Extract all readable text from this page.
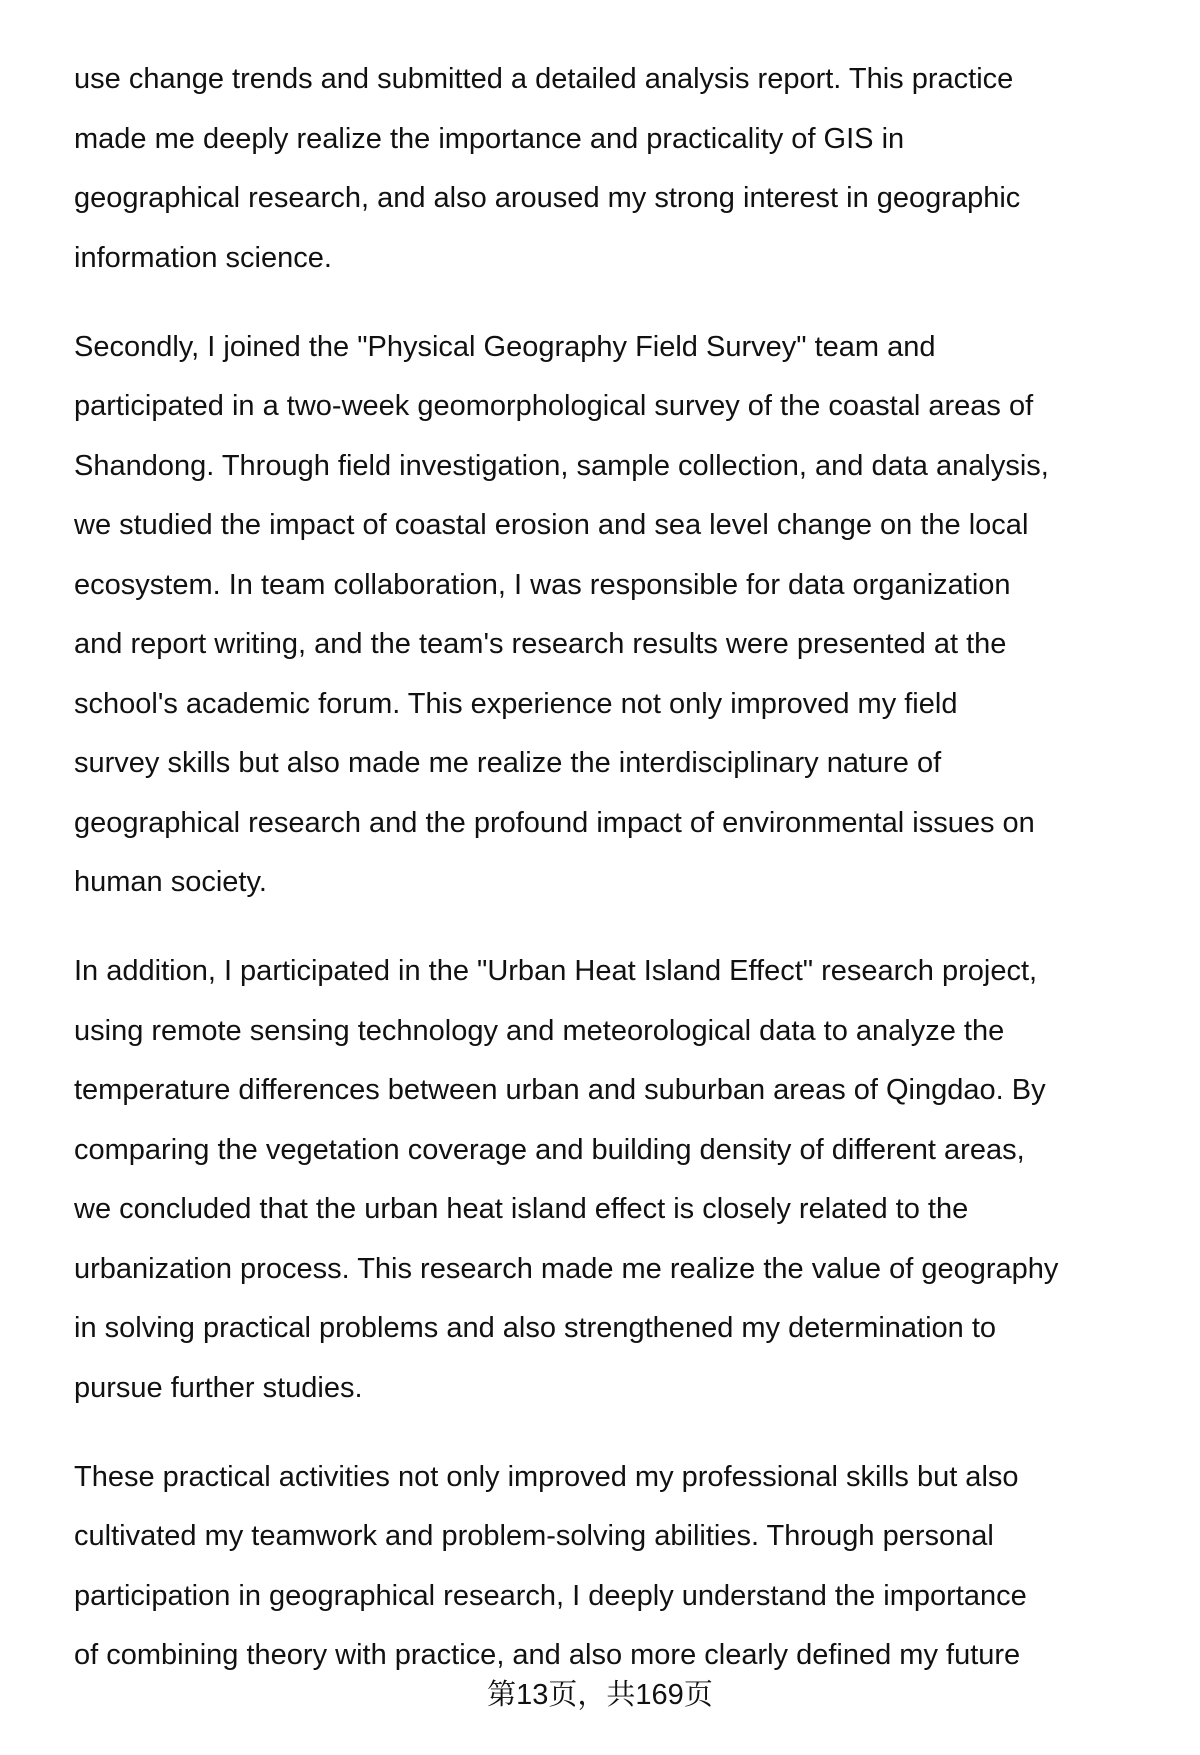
use change trends and submitted a detailed analysis report. This practice
made me deeply realize the importance and practicality of GIS in
geographical research, and also aroused my strong interest in geographic
information science.
Secondly, I joined the "Physical Geography Field Survey" team and
participated in a two-week geomorphological survey of the coastal areas of
Shandong. Through field investigation, sample collection, and data analysis,
we studied the impact of coastal erosion and sea level change on the local
ecosystem. In team collaboration, I was responsible for data organization
and report writing, and the team's research results were presented at the
school's academic forum. This experience not only improved my field
survey skills but also made me realize the interdisciplinary nature of
geographical research and the profound impact of environmental issues on
human society.
In addition, I participated in the "Urban Heat Island Effect" research project,
using remote sensing technology and meteorological data to analyze the
temperature differences between urban and suburban areas of Qingdao. By
comparing the vegetation coverage and building density of different areas,
we concluded that the urban heat island effect is closely related to the
urbanization process. This research made me realize the value of geography
in solving practical problems and also strengthened my determination to
pursue further studies.
These practical activities not only improved my professional skills but also
cultivated my teamwork and problem-solving abilities. Through personal
participation in geographical research, I deeply understand the importance
of combining theory with practice, and also more clearly defined my future
第13页，共169页
